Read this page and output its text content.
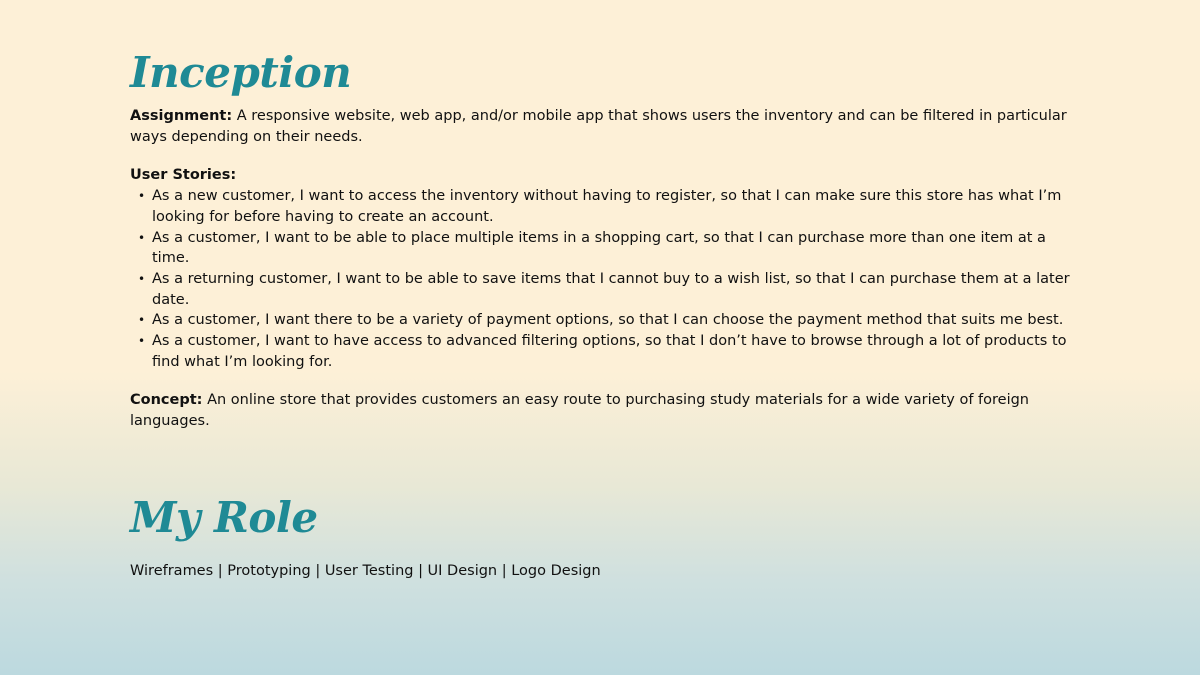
Inception

Assignment: A responsive website, web app, and/or mobile app that shows users the inventory and can be filtered in particular ways depending on their needs.

User Stories:
• As a new customer, I want to access the inventory without having to register, so that I can make sure this store has what I’m looking for before having to create an account.
• As a customer, I want to be able to place multiple items in a shopping cart, so that I can purchase more than one item at a time.
• As a returning customer, I want to be able to save items that I cannot buy to a wish list, so that I can purchase them at a later date.
• As a customer, I want there to be a variety of payment options, so that I can choose the payment method that suits me best.
• As a customer, I want to have access to advanced filtering options, so that I don’t have to browse through a lot of products to find what I’m looking for.

Concept: An online store that provides customers an easy route to purchasing study materials for a wide variety of foreign languages.

My Role

Wireframes | Prototyping | User Testing | UI Design | Logo Design
